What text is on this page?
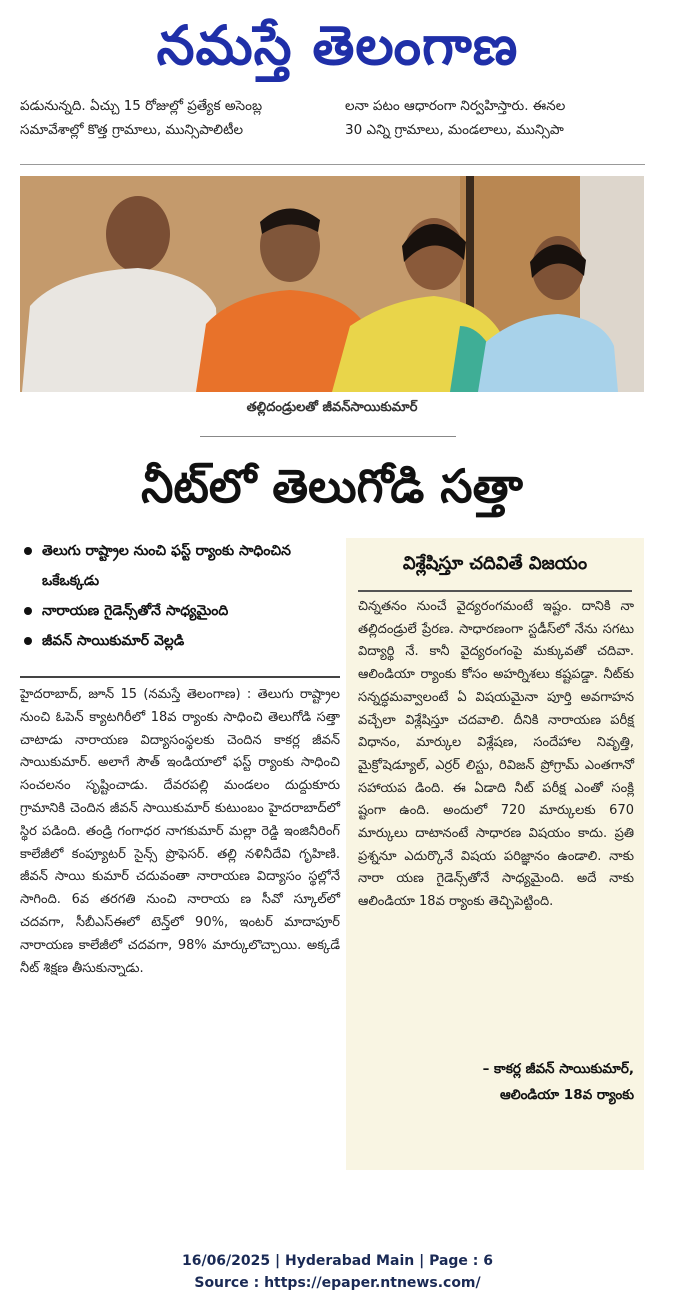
నమస్తే తెలంగాణ
పడునున్నది. ఏచ్చు 15 రోజుల్లో ప్రత్యేక అసెంబ్ల
సమావేశాల్లో కొత్త గ్రామాలు, మున్సిపాలిటీల
లనా పటం ఆధారంగా నిర్వహిస్తారు. ఈనల
30 ఎన్ని గ్రామాలు, మండలాలు, మున్సిపా
తల్లిదండ్రులతో జీవన్‌సాయికుమార్
నీట్‌లో తెలుగోడి సత్తా
తెలుగు రాష్ట్రాల నుంచి ఫస్ట్ ర్యాంకు సాధించిన ఒకేఒక్కడు
నారాయణ గైడెన్స్‌తోనే సాధ్యమైంది
జీవన్ సాయికుమార్ వెల్లడి
హైదరాబాద్, జూన్ 15 (నమస్తే తెలంగాణ) : తెలుగు రాష్ట్రాల నుంచి ఓపెన్ క్యాటగిరీలో 18వ ర్యాంకు సాధించి తెలుగోడి సత్తా చాటాడు నారాయణ విద్యాసంస్థలకు చెందిన కాకర్ల జీవన్ సాయికుమార్. అలాగే సౌత్ ఇండియాలో ఫస్ట్ ర్యాంకు సాధించి సంచలనం సృష్టించాడు. దేవరపల్లి మండలం దుద్దుకూరు గ్రామానికి చెందిన జీవన్ సాయికుమార్ కుటుంబం హైదరాబాద్‌లో స్థిర పడింది. తండ్రి గంగాధర నాగకుమార్ మల్లా రెడ్డి ఇంజినీరింగ్ కాలేజీలో కంప్యూటర్ సైన్స్ ప్రొఫెసర్. తల్లి నళినీదేవి గృహిణి. జీవన్ సాయి కుమార్ చదువంతా నారాయణ విద్యాసం స్థల్లోనే సాగింది. 6వ తరగతి నుంచి నారాయ ణ సీవో స్కూల్‌లో చదవగా, సీబీఎస్ఈలో టెన్త్‌లో 90%, ఇంటర్ మాదాపూర్ నారాయణ కాలేజీలో చదవగా, 98% మార్కులొచ్చాయి. అక్కడే నీట్ శిక్షణ తీసుకున్నాడు.
విశ్లేషిస్తూ చదివితే విజయం
చిన్నతనం నుంచే వైద్యరంగమంటే ఇష్టం. దానికి నా తల్లిదండ్రులే ప్రేరణ. సాధారణంగా స్టడీస్‌లో నేను సగటు విద్యార్థి నే. కానీ వైద్యరంగంపై మక్కువతో చదివా. ఆలిండియా ర్యాంకు కోసం అహర్నిశలు కష్టపడ్డా. నీట్‌కు సన్నద్ధమవ్వాలంటే ఏ విషయమైనా పూర్తి అవగాహన వచ్చేలా విశ్లేషిస్తూ చదవాలి. దీనికి నారాయణ పరీక్ష విధానం, మార్కుల విశ్లేషణ, సందేహాల నివృత్తి, మైక్రోషెడ్యూల్, ఎర్రర్ లిస్టు, రివిజన్ ప్రోగ్రామ్ ఎంతగానో సహాయప డింది. ఈ ఏడాది నీట్ పరీక్ష ఎంతో సంక్లి ష్టంగా ఉంది. అందులో 720 మార్కులకు 670 మార్కులు దాటానంటే సాధారణ విషయం కాదు. ప్రతి ప్రశ్ననూ ఎదుర్కొనే విషయ పరిజ్ఞానం ఉండాలి. నాకు నారా యణ గైడెన్స్‌తోనే సాధ్యమైంది. అదే నాకు ఆలిండియా 18వ ర్యాంకు తెచ్చిపెట్టింది.
– కాకర్ల జీవన్ సాయికుమార్,
ఆలిండియా 18వ ర్యాంకు
16/06/2025 | Hyderabad Main | Page : 6
Source : https://epaper.ntnews.com/
